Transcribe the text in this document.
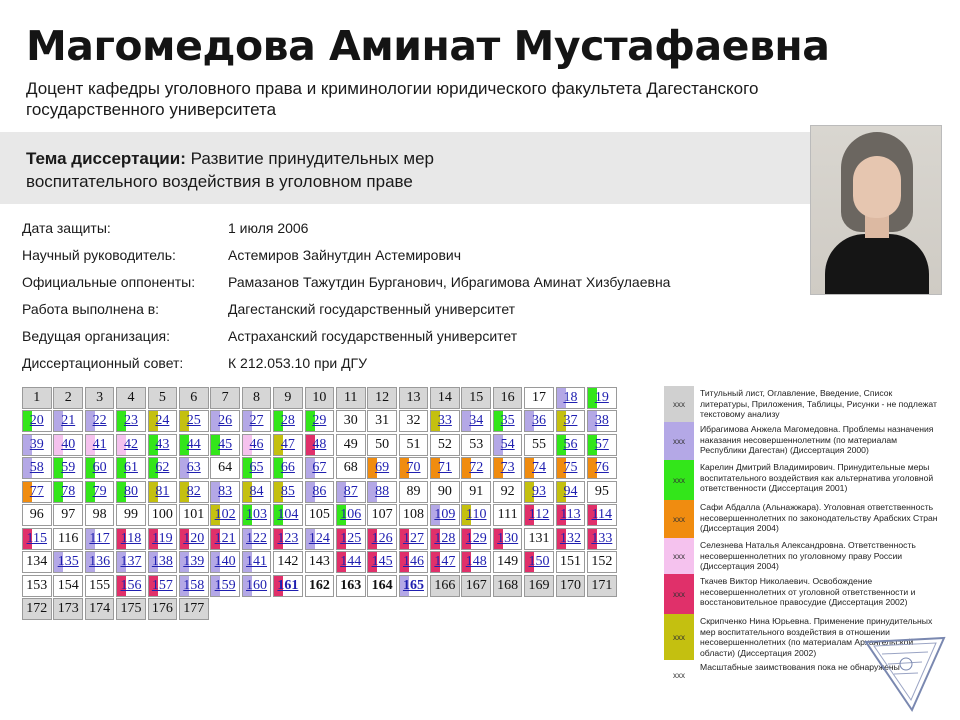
Магомедова Аминат Мустафаевна
Доцент кафедры уголовного права и криминологии юридического факультета Дагестанского государственного университета
Тема диссертации: Развитие принудительных мер воспитательного воздействия в уголовном праве
Дата защиты:	1 июля 2006
Научный руководитель:	Астемиров Зайнутдин Астемирович
Официальные оппоненты:	Рамазанов Тажутдин Бурганович, Ибрагимова Аминат Хизбулаевна
Работа выполнена в:	Дагестанский государственный университет
Ведущая организация:	Астраханский государственный университет
Диссертационный совет:	К 212.053.10 при ДГУ
1	2	3	4	5	6	7	8	9	10	11	12	13	14	15	16	17	18	19
20	21	22	23	24	25	26	27	28	29	30	31	32	33	34	35	36	37	38
39	40	41	42	43	44	45	46	47	48	49	50	51	52	53	54	55	56	57
58	59	60	61	62	63	64	65	66	67	68	69	70	71	72	73	74	75	76
77	78	79	80	81	82	83	84	85	86	87	88	89	90	91	92	93	94	95
96	97	98	99 100 101 102 103 104 105 106 107 108 109 110 111 112 113 114
115 116 117 118 119 120 121 122 123 124 125 126 127 128 129 130 131 132 133
134 135 136 137 138 139 140 141 142 143 144 145 146 147 148 149 150 151 152
153 154 155 156 157 158 159 160 161 162 163 164 165 166 167 168 169 170 171
172 173 174 175 176 177
ххх
Титульный лист, Оглавление, Введение, Список литературы, Приложения, Таблицы, Рисунки - не подлежат текстовому анализу
ххх
Ибрагимова Анжела Магомедовна. Проблемы назначения наказания несовершеннолетним (по материалам Республики Дагестан) (Диссертация 2000)
ххх
Карелин Дмитрий Владимирович. Принудительные меры воспитательного воздействия как альтернатива уголовной ответственности (Диссертация 2001)
ххх
Сафи Абдалла (Альнажжара). Уголовная ответственность несовершеннолетних по законодательству Арабских Стран (Диссертация 2004)
ххх
Селезнева Наталья Александровна. Ответственность несовершеннолетних по уголовному праву России (Диссертация 2004)
ххх
Ткачев Виктор Николаевич. Освобождение несовершеннолетних от уголовной ответственности и восстановительное правосудие (Диссертация 2002)
ххх
Скрипченко Нина Юрьевна. Применение принудительных мер воспитательного воздействия в отношении несовершеннолетних (по материалам Архангельской области) (Диссертация 2002)
ххх
Масштабные заимствования пока не обнаружены
